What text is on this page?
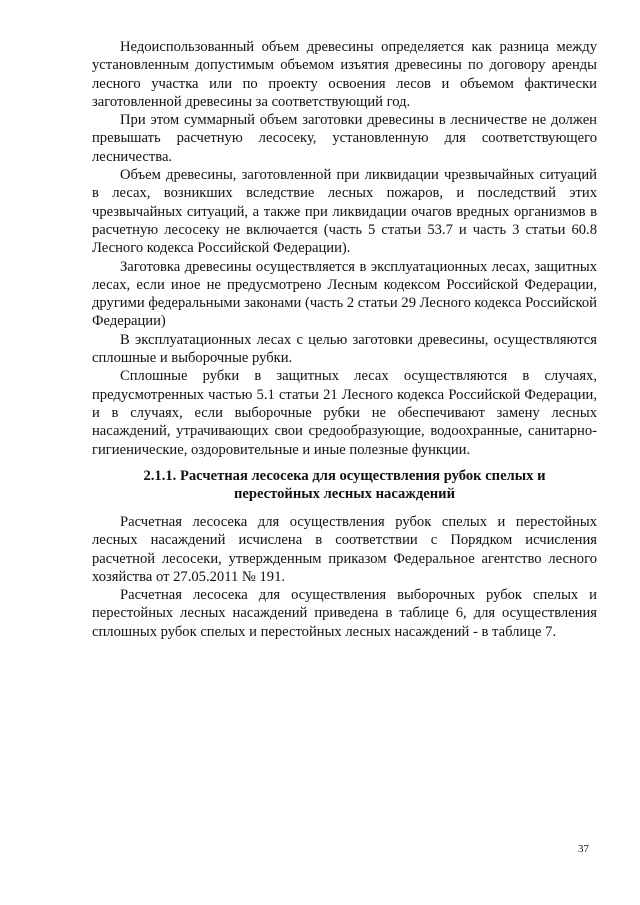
Недоиспользованный объем древесины определяется как разница между установленным допустимым объемом изъятия древесины по договору аренды лесного участка или по проекту освоения лесов и объемом фактически заготовленной древесины за соответствующий год.

При этом суммарный объем заготовки древесины в лесничестве не должен превышать расчетную лесосеку, установленную для соответствующего лесничества.

Объем древесины, заготовленной при ликвидации чрезвычайных ситуаций в лесах, возникших вследствие лесных пожаров, и последствий этих чрезвычайных ситуаций, а также при ликвидации очагов вредных организмов в расчетную лесосеку не включается (часть 5 статьи 53.7 и часть 3 статьи 60.8 Лесного кодекса Российской Федерации).

Заготовка древесины осуществляется в эксплуатационных лесах, защитных лесах, если иное не предусмотрено Лесным кодексом Российской Федерации, другими федеральными законами (часть 2 статьи 29 Лесного кодекса Российской Федерации)

В эксплуатационных лесах с целью заготовки древесины, осуществляются сплошные и выборочные рубки.

Сплошные рубки в защитных лесах осуществляются в случаях, предусмотренных частью 5.1 статьи 21 Лесного кодекса Российской Федерации, и в случаях, если выборочные рубки не обеспечивают замену лесных насаждений, утрачивающих свои средообразующие, водоохранные, санитарно-гигиенические, оздоровительные и иные полезные функции.

2.1.1. Расчетная лесосека для осуществления рубок спелых и
перестойных лесных насаждений

Расчетная лесосека для осуществления рубок спелых и перестойных лесных насаждений исчислена в соответствии с Порядком исчисления расчетной лесосеки, утвержденным приказом Федеральное агентство лесного хозяйства от 27.05.2011 № 191.

Расчетная лесосека для осуществления выборочных рубок спелых и перестойных лесных насаждений приведена в таблице 6, для осуществления сплошных рубок спелых и перестойных лесных насаждений - в таблице 7.

37
